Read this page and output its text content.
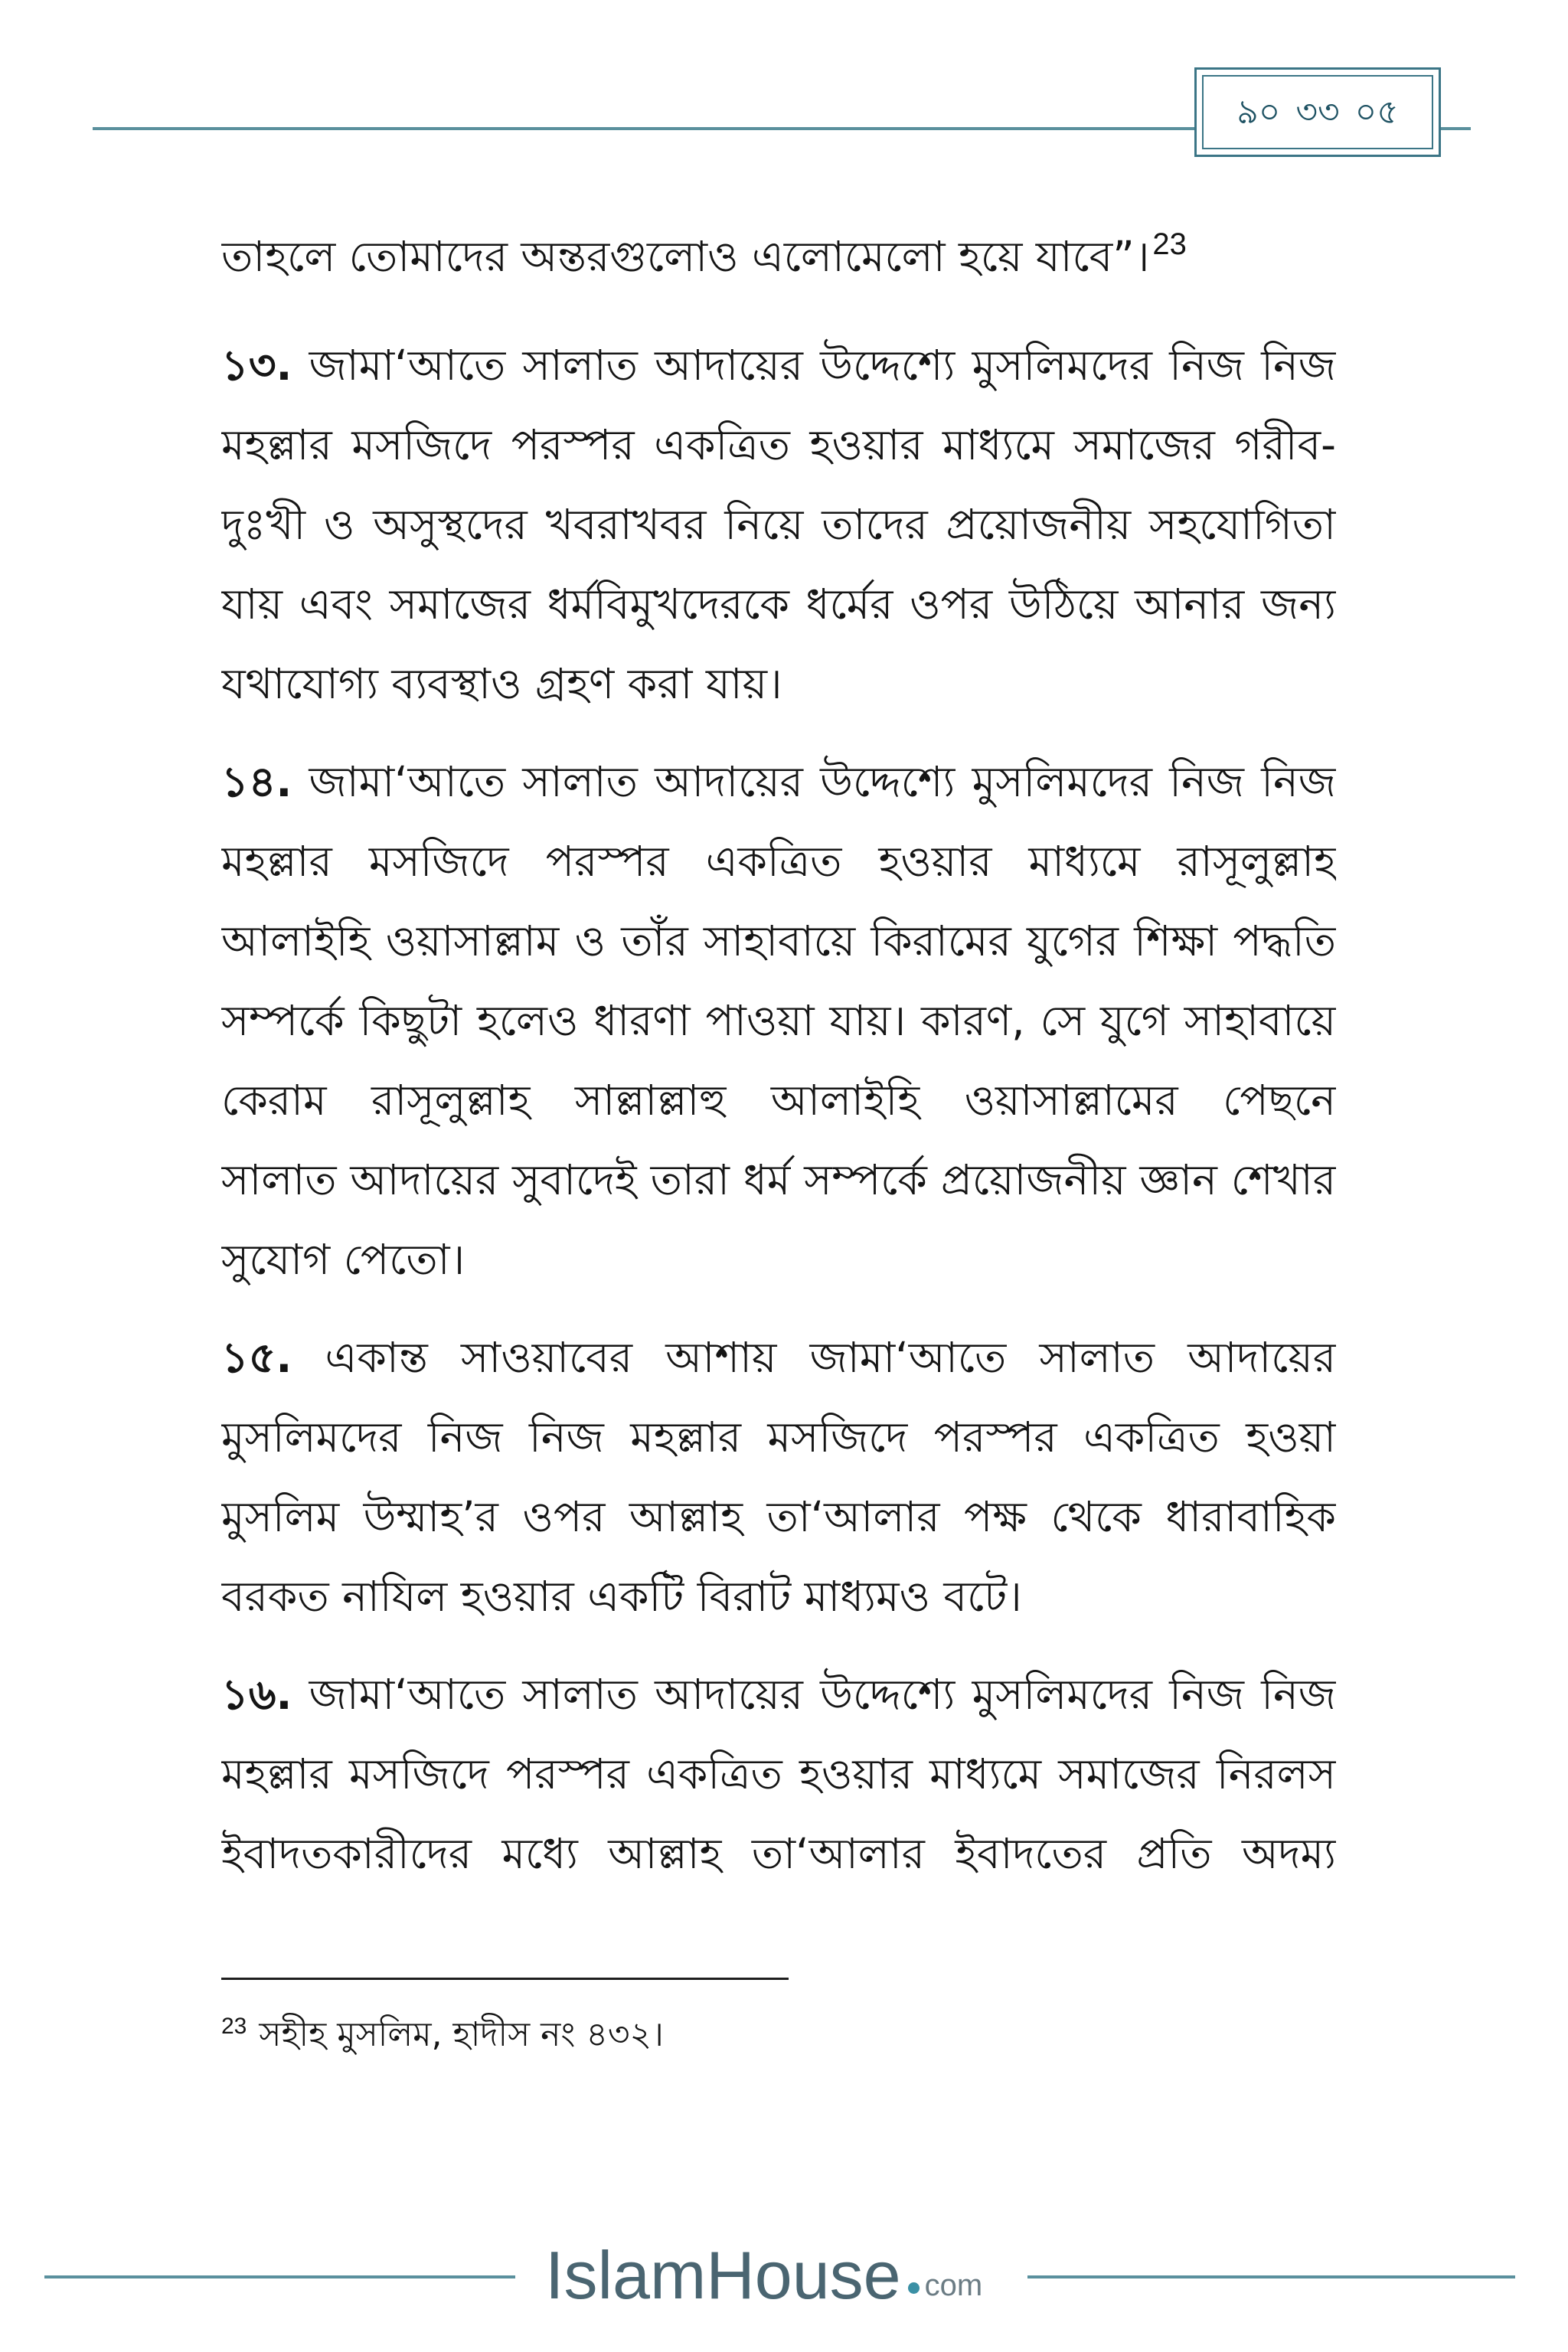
৯০ ৩৩ ০৫
তাহলে তোমাদের অন্তরগুলোও এলোমেলো হয়ে যাবে”। $^{23}$
১৩. জামা‘আতে সালাত আদায়ের উদ্দেশ্যে মুসলিমদের নিজ নিজ
মহল্লার মসজিদে পরস্পর একত্রিত হওয়ার মাধ্যমে সমাজের গরীব-
দুঃখী ও অসুস্থদের খবরাখবর নিয়ে তাদের প্রয়োজনীয় সহযোগিতা
যায় এবং সমাজের ধর্মবিমুখদেরকে ধর্মের ওপর উঠিয়ে আনার জন্য
যথাযোগ্য ব্যবস্থাও গ্রহণ করা যায়।
১৪. জামা‘আতে সালাত আদায়ের উদ্দেশ্যে মুসলিমদের নিজ নিজ
মহল্লার মসজিদে পরস্পর একত্রিত হওয়ার মাধ্যমে রাসূলুল্লাহ
আলাইহি ওয়াসাল্লাম ও তাঁর সাহাবায়ে কিরামের যুগের শিক্ষা পদ্ধতি
সম্পর্কে কিছুটা হলেও ধারণা পাওয়া যায়। কারণ, সে যুগে সাহাবায়ে
কেরাম রাসূলুল্লাহ সাল্লাল্লাহু আলাইহি ওয়াসাল্লামের পেছনে
সালাত আদায়ের সুবাদেই তারা ধর্ম সম্পর্কে প্রয়োজনীয় জ্ঞান শেখার
সুযোগ পেতো।
১৫. একান্ত সাওয়াবের আশায় জামা‘আতে সালাত আদায়ের
মুসলিমদের নিজ নিজ মহল্লার মসজিদে পরস্পর একত্রিত হওয়া
মুসলিম উম্মাহ’র ওপর আল্লাহ তা‘আলার পক্ষ থেকে ধারাবাহিক
বরকত নাযিল হওয়ার একটি বিরাট মাধ্যমও বটে।
১৬. জামা‘আতে সালাত আদায়ের উদ্দেশ্যে মুসলিমদের নিজ নিজ
মহল্লার মসজিদে পরস্পর একত্রিত হওয়ার মাধ্যমে সমাজের নিরলস
ইবাদতকারীদের মধ্যে আল্লাহ তা‘আলার ইবাদতের প্রতি অদম্য
$^{23}$ সহীহ মুসলিম, হাদীস নং ৪৩২।
IslamHouse com
